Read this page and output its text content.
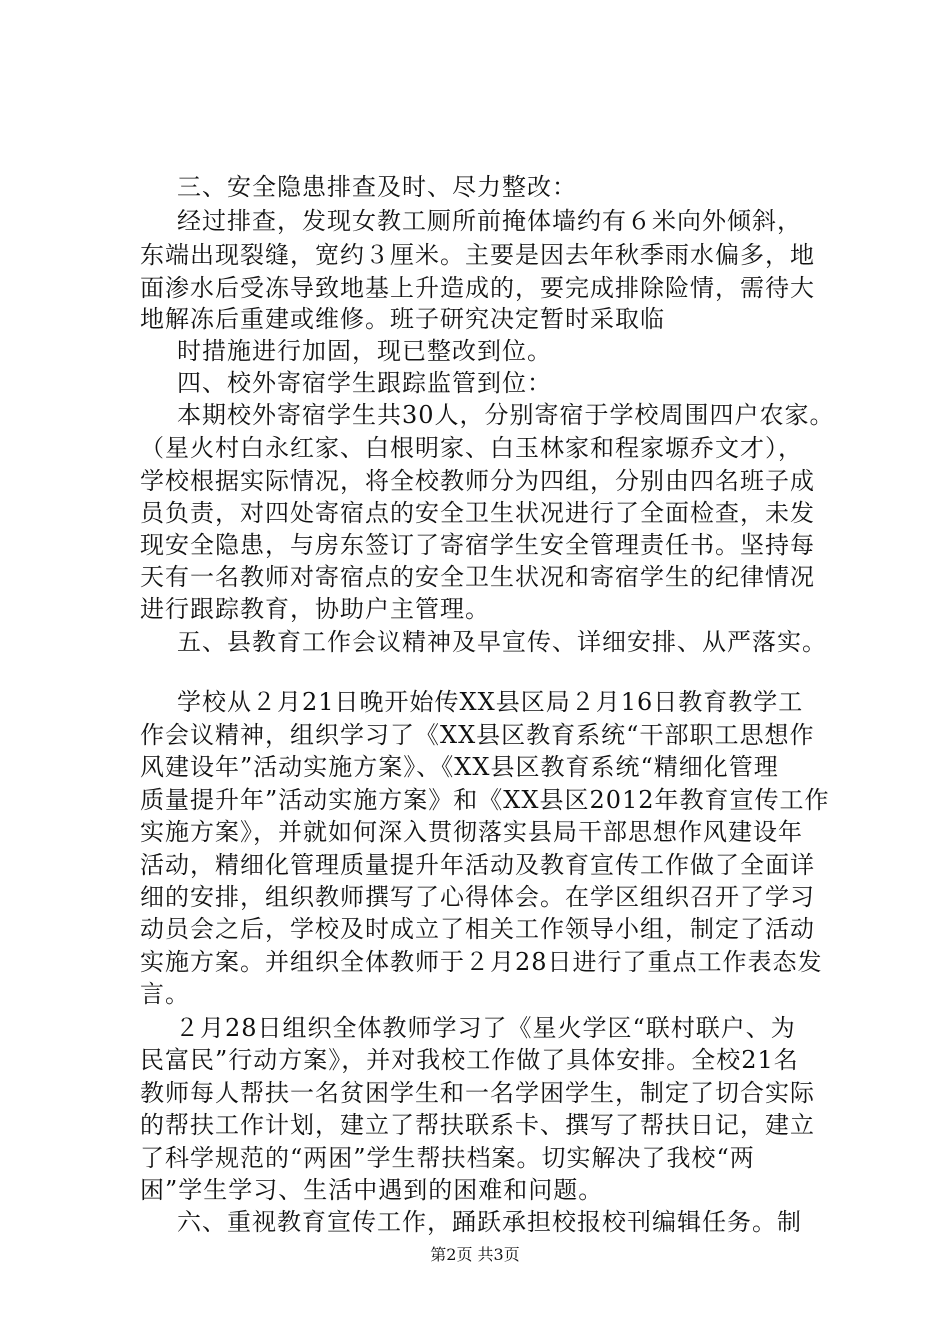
三、安全隐患排查及时、尽力整改：
经过排查，发现女教工厕所前掩体墙约有６米向外倾斜，
东端出现裂缝，宽约３厘米。主要是因去年秋季雨水偏多，地
面渗水后受冻导致地基上升造成的，要完成排除险情，需待大
地解冻后重建或维修。班子研究决定暂时采取临
时措施进行加固，现已整改到位。
四、校外寄宿学生跟踪监管到位：
本期校外寄宿学生共30人，分别寄宿于学校周围四户农家。
（星火村白永红家、白根明家、白玉林家和程家塬乔文才），
学校根据实际情况，将全校教师分为四组，分别由四名班子成
员负责，对四处寄宿点的安全卫生状况进行了全面检查，未发
现安全隐患，与房东签订了寄宿学生安全管理责任书。坚持每
天有一名教师对寄宿点的安全卫生状况和寄宿学生的纪律情况
进行跟踪教育，协助户主管理。
五、县教育工作会议精神及早宣传、详细安排、从严落实。
学校从２月21日晚开始传XX县区局２月16日教育教学工
作会议精神，组织学习了《XX县区教育系统“干部职工思想作
风建设年”活动实施方案》、《XX县区教育系统“精细化管理
质量提升年”活动实施方案》和《XX县区2012年教育宣传工作
实施方案》，并就如何深入贯彻落实县局干部思想作风建设年
活动，精细化管理质量提升年活动及教育宣传工作做了全面详
细的安排，组织教师撰写了心得体会。在学区组织召开了学习
动员会之后，学校及时成立了相关工作领导小组，制定了活动
实施方案。并组织全体教师于２月28日进行了重点工作表态发
言。
２月28日组织全体教师学习了《星火学区“联村联户、为
民富民”行动方案》，并对我校工作做了具体安排。全校21名
教师每人帮扶一名贫困学生和一名学困学生，制定了切合实际
的帮扶工作计划，建立了帮扶联系卡、撰写了帮扶日记，建立
了科学规范的“两困”学生帮扶档案。切实解决了我校“两
困”学生学习、生活中遇到的困难和问题。
六、重视教育宣传工作，踊跃承担校报校刊编辑任务。制
第2页 共3页
